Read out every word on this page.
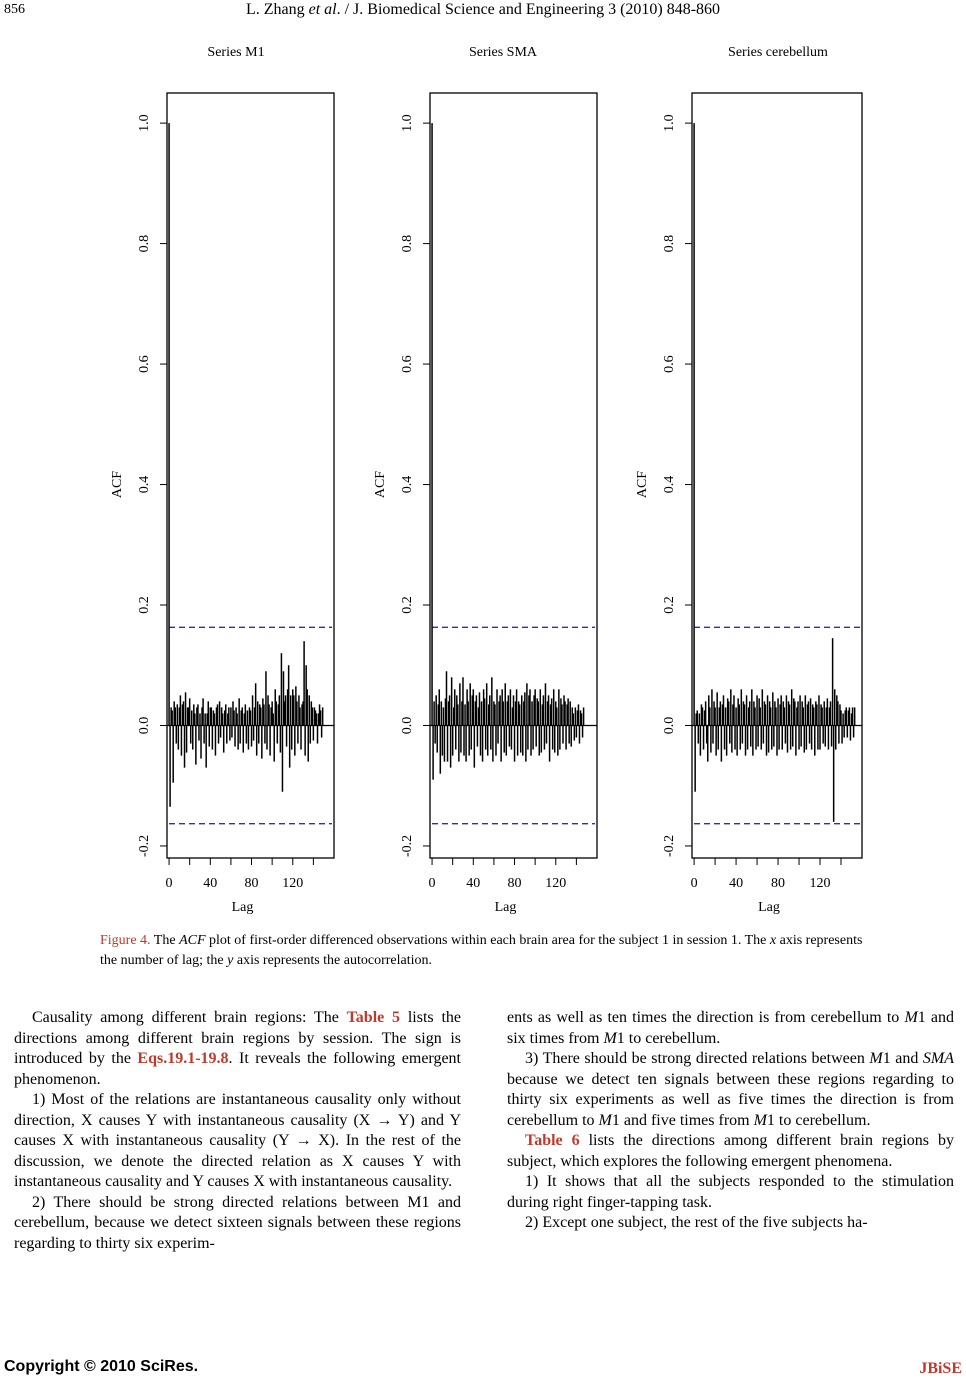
856	L. Zhang et al. / J. Biomedical Science and Engineering 3 (2010) 848-860
Series M1
-0.2
0.0
0.2
0.4
0.6
0.8
1.0
ACF
0 40 80 120
Lag
Series SMA
-0.2
0.0
0.2
0.4
0.6
0.8
1.0
ACF
0 40 80 120
Lag
Series cerebellum
-0.2
0.0
0.2
0.4
0.6
0.8
1.0
ACF
0 40 80 120
Lag
Figure 4. The ACF plot of first-order differenced observations within each brain area for the subject 1 in session 1. The x axis represents the number of lag; the y axis represents the autocorrelation.

Causality among different brain regions: The Table 5 lists the directions among different brain regions by session. The sign is introduced by the Eqs.19.1-19.8. It reveals the following emergent phenomenon.

1) Most of the relations are instantaneous causality only without direction, X causes Y with instantaneous causality (X → Y) and Y causes X with instantaneous causality (Y → X). In the rest of the discussion, we denote the directed relation as X causes Y with instantaneous causality and Y causes X with instantaneous causality.

2) There should be strong directed relations between M1 and cerebellum, because we detect sixteen signals between these regions regarding to thirty six experim-

ents as well as ten times the direction is from cerebellum to M1 and six times from M1 to cerebellum.

3) There should be strong directed relations between M1 and SMA because we detect ten signals between these regions regarding to thirty six experiments as well as five times the direction is from cerebellum to M1 and five times from M1 to cerebellum.

Table 6 lists the directions among different brain regions by subject, which explores the following emergent phenomena.

1) It shows that all the subjects responded to the stimulation during right finger-tapping task.

2) Except one subject, the rest of the five subjects ha-

Copyright © 2010 SciRes.	JBiSE
